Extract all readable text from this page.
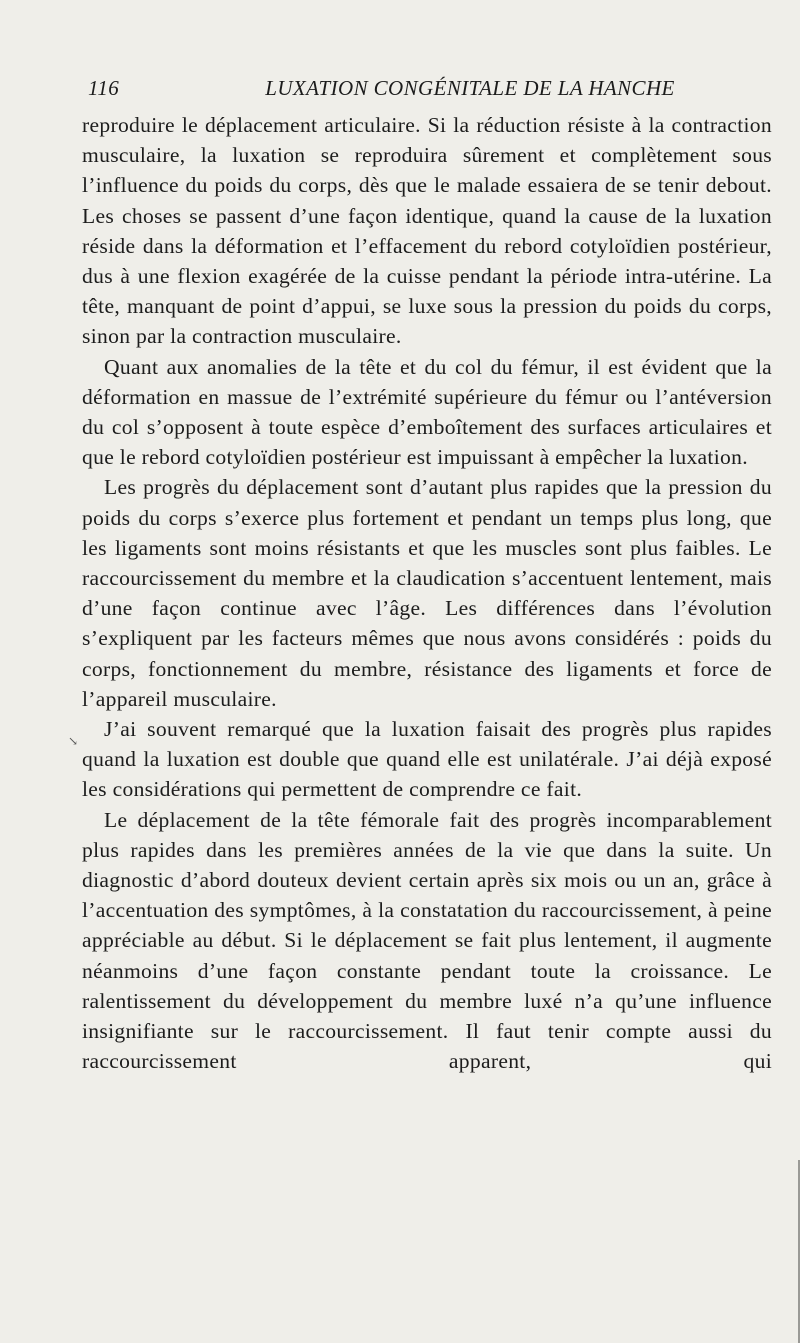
116	LUXATION CONGÉNITALE DE LA HANCHE

reproduire le déplacement articulaire. Si la réduction résiste à la contraction musculaire, la luxation se reproduira sûrement et complètement sous l’influence du poids du corps, dès que le malade essaiera de se tenir debout. Les choses se passent d’une façon identique, quand la cause de la luxation réside dans la déformation et l’effacement du rebord cotyloïdien postérieur, dus à une flexion exagérée de la cuisse pendant la période intra-utérine. La tête, manquant de point d’appui, se luxe sous la pression du poids du corps, sinon par la contraction musculaire.

Quant aux anomalies de la tête et du col du fémur, il est évident que la déformation en massue de l’extrémité supérieure du fémur ou l’antéversion du col s’opposent à toute espèce d’emboîtement des surfaces articulaires et que le rebord cotyloïdien postérieur est impuissant à empêcher la luxation.

Les progrès du déplacement sont d’autant plus rapides que la pression du poids du corps s’exerce plus fortement et pendant un temps plus long, que les ligaments sont moins résistants et que les muscles sont plus faibles. Le raccourcissement du membre et la claudication s’accentuent lentement, mais d’une façon continue avec l’âge. Les différences dans l’évolution s’expliquent par les facteurs mêmes que nous avons considérés : poids du corps, fonctionnement du membre, résistance des ligaments et force de l’appareil musculaire.

J’ai souvent remarqué que la luxation faisait des progrès plus rapides quand la luxation est double que quand elle est unilatérale. J’ai déjà exposé les considérations qui permettent de comprendre ce fait.

Le déplacement de la tête fémorale fait des progrès incomparablement plus rapides dans les premières années de la vie que dans la suite. Un diagnostic d’abord douteux devient certain après six mois ou un an, grâce à l’accentuation des symptômes, à la constatation du raccourcissement, à peine appréciable au début. Si le déplacement se fait plus lentement, il augmente néanmoins d’une façon constante pendant toute la croissance. Le ralentissement du développement du membre luxé n’a qu’une influence insignifiante sur le raccourcissement. Il faut tenir compte aussi du raccourcissement apparent, qui

↘
